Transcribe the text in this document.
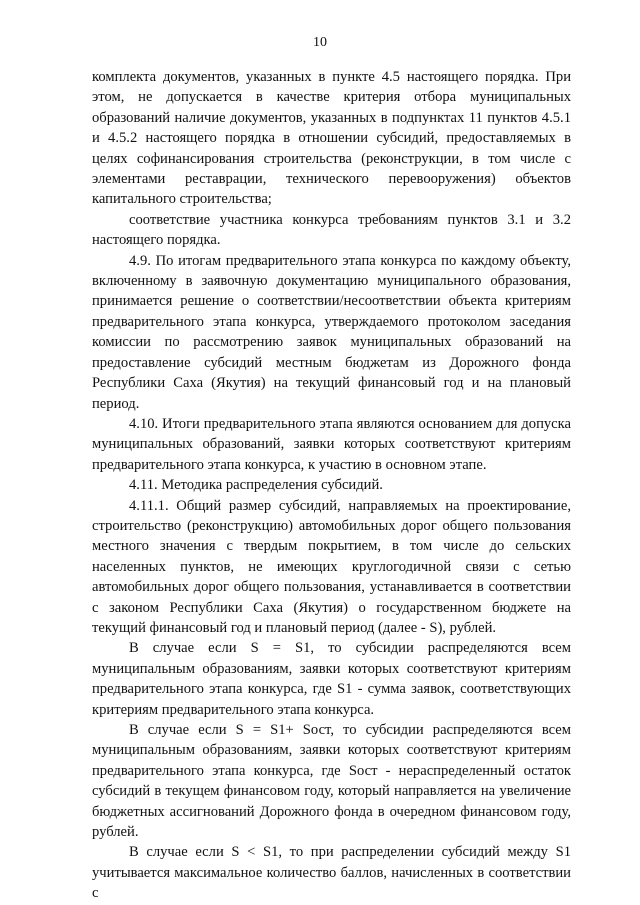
10

комплекта документов, указанных в пункте 4.5 настоящего порядка. При этом, не допускается в качестве критерия отбора муниципальных образований наличие документов, указанных в подпунктах 11 пунктов 4.5.1 и 4.5.2 настоящего порядка в отношении субсидий, предоставляемых в целях софинансирования строительства (реконструкции, в том числе с элементами реставрации, технического перевооружения) объектов капитального строительства;

соответствие участника конкурса требованиям пунктов 3.1 и 3.2 настоящего порядка.

4.9. По итогам предварительного этапа конкурса по каждому объекту, включенному в заявочную документацию муниципального образования, принимается решение о соответствии/несоответствии объекта критериям предварительного этапа конкурса, утверждаемого протоколом заседания комиссии по рассмотрению заявок муниципальных образований на предоставление субсидий местным бюджетам из Дорожного фонда Республики Саха (Якутия) на текущий финансовый год и на плановый период.

4.10. Итоги предварительного этапа являются основанием для допуска муниципальных образований, заявки которых соответствуют критериям предварительного этапа конкурса, к участию в основном этапе.

4.11. Методика распределения субсидий.

4.11.1. Общий размер субсидий, направляемых на проектирование, строительство (реконструкцию) автомобильных дорог общего пользования местного значения с твердым покрытием, в том числе до сельских населенных пунктов, не имеющих круглогодичной связи с сетью автомобильных дорог общего пользования, устанавливается в соответствии с законом Республики Саха (Якутия) о государственном бюджете на текущий финансовый год и плановый период (далее - S), рублей.

В случае если S = S1, то субсидии распределяются всем муниципальным образованиям, заявки которых соответствуют критериям предварительного этапа конкурса, где S1 - сумма заявок, соответствующих критериям предварительного этапа конкурса.

В случае если S = S1+ Sост, то субсидии распределяются всем муниципальным образованиям, заявки которых соответствуют критериям предварительного этапа конкурса, где Sост - нераспределенный остаток субсидий в текущем финансовом году, который направляется на увеличение бюджетных ассигнований Дорожного фонда в очередном финансовом году, рублей.

В случае если S < S1, то при распределении субсидий между S1 учитывается максимальное количество баллов, начисленных в соответствии с
